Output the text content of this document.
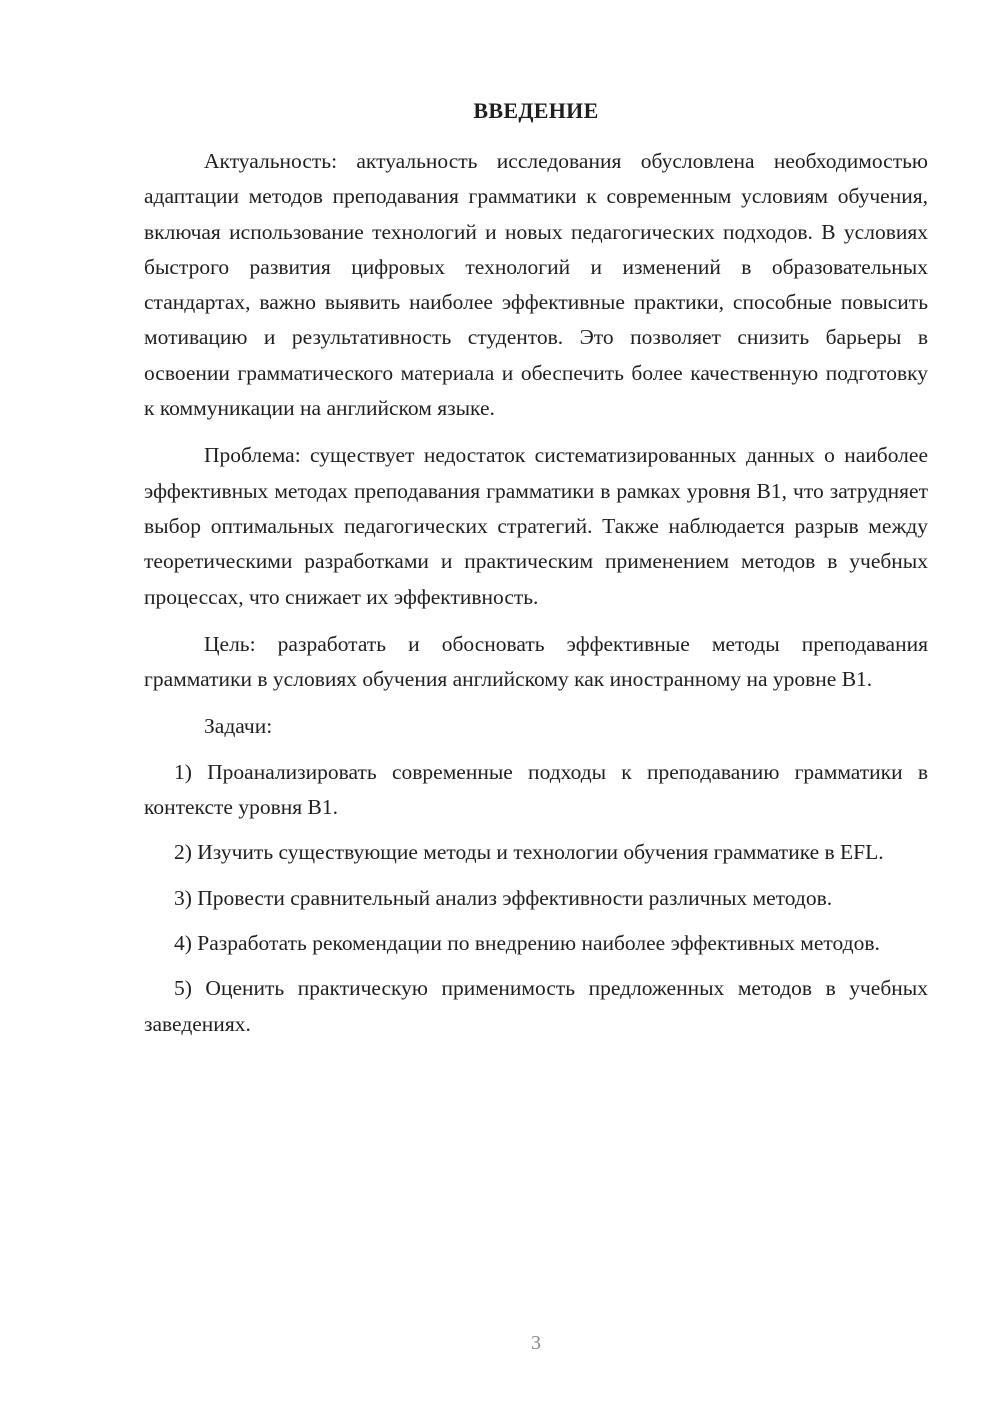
ВВЕДЕНИЕ

Актуальность: актуальность исследования обусловлена необходимостью адаптации методов преподавания грамматики к современным условиям обучения, включая использование технологий и новых педагогических подходов. В условиях быстрого развития цифровых технологий и изменений в образовательных стандартах, важно выявить наиболее эффективные практики, способные повысить мотивацию и результативность студентов. Это позволяет снизить барьеры в освоении грамматического материала и обеспечить более качественную подготовку к коммуникации на английском языке.

Проблема: существует недостаток систематизированных данных о наиболее эффективных методах преподавания грамматики в рамках уровня B1, что затрудняет выбор оптимальных педагогических стратегий. Также наблюдается разрыв между теоретическими разработками и практическим применением методов в учебных процессах, что снижает их эффективность.

Цель: разработать и обосновать эффективные методы преподавания грамматики в условиях обучения английскому как иностранному на уровне B1.

Задачи:

1) Проанализировать современные подходы к преподаванию грамматики в контексте уровня B1.

2) Изучить существующие методы и технологии обучения грамматике в EFL.

3) Провести сравнительный анализ эффективности различных методов.

4) Разработать рекомендации по внедрению наиболее эффективных методов.

5) Оценить практическую применимость предложенных методов в учебных заведениях.

3
